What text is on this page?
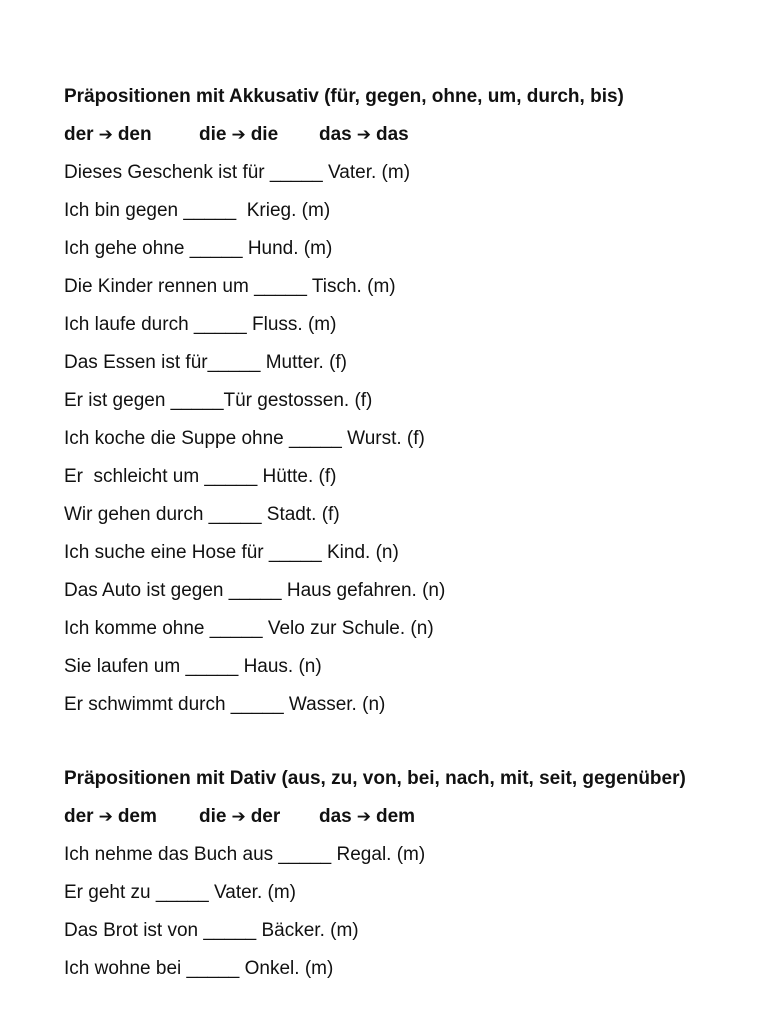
Präpositionen mit Akkusativ (für, gegen, ohne, um, durch, bis)
der ➔ den	die ➔ die	das ➔ das
Dieses Geschenk ist für _____ Vater. (m)
Ich bin gegen _____  Krieg. (m)
Ich gehe ohne _____ Hund. (m)
Die Kinder rennen um _____ Tisch. (m)
Ich laufe durch _____ Fluss. (m)
Das Essen ist für_____ Mutter. (f)
Er ist gegen _____Tür gestossen. (f)
Ich koche die Suppe ohne _____ Wurst. (f)
Er  schleicht um _____ Hütte. (f)
Wir gehen durch _____ Stadt. (f)
Ich suche eine Hose für _____ Kind. (n)
Das Auto ist gegen _____ Haus gefahren. (n)
Ich komme ohne _____ Velo zur Schule. (n)
Sie laufen um _____ Haus. (n)
Er schwimmt durch _____ Wasser. (n)
Präpositionen mit Dativ (aus, zu, von, bei, nach, mit, seit, gegenüber)
der ➔ dem	die ➔ der	das ➔ dem
Ich nehme das Buch aus _____ Regal. (m)
Er geht zu _____ Vater. (m)
Das Brot ist von _____ Bäcker. (m)
Ich wohne bei _____ Onkel. (m)
